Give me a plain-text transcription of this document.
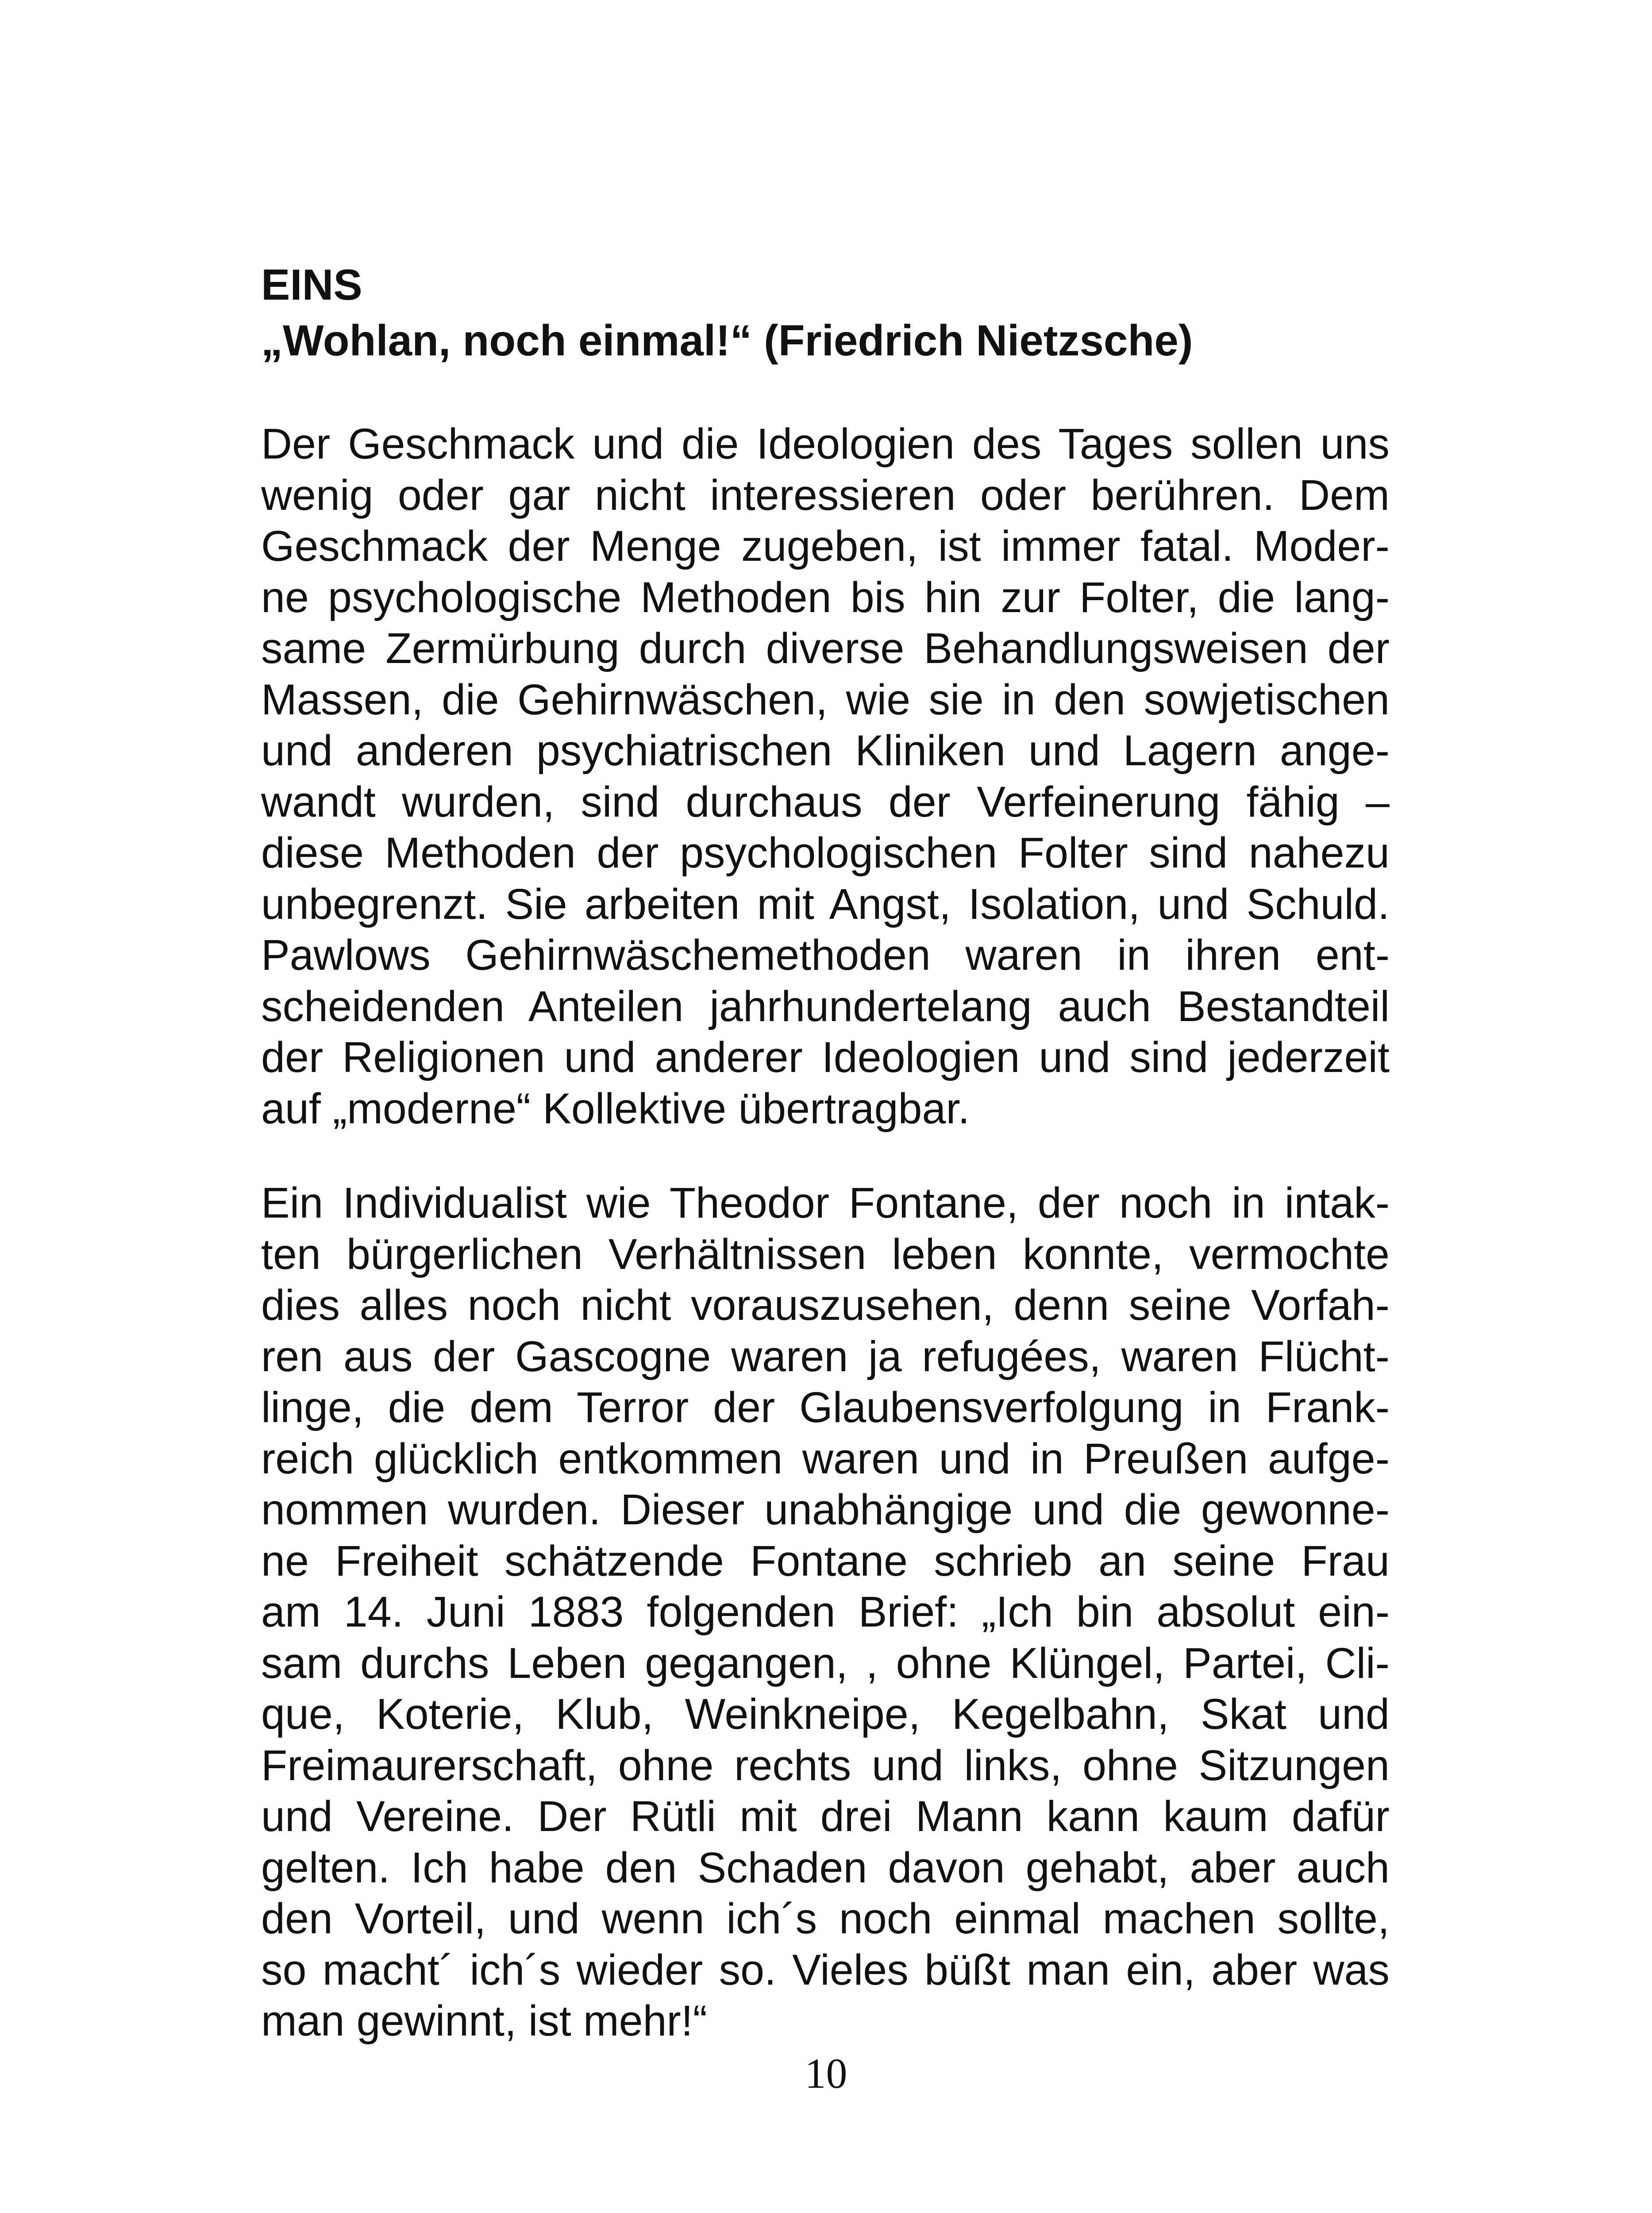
EINS
„Wohlan, noch einmal!“ (Friedrich Nietzsche)
Der Geschmack und die Ideologien des Tages sollen uns
wenig oder gar nicht interessieren oder berühren. Dem
Geschmack der Menge zugeben, ist immer fatal. Moder-
ne psychologische Methoden bis hin zur Folter, die lang-
same Zermürbung durch diverse Behandlungsweisen der
Massen, die Gehirnwäschen, wie sie in den sowjetischen
und anderen psychiatrischen Kliniken und Lagern ange-
wandt wurden, sind durchaus der Verfeinerung fähig –
diese Methoden der psychologischen Folter sind nahezu
unbegrenzt. Sie arbeiten mit Angst, Isolation, und Schuld.
Pawlows Gehirnwäschemethoden waren in ihren ent-
scheidenden Anteilen jahrhundertelang auch Bestandteil
der Religionen und anderer Ideologien und sind jederzeit
auf „moderne“ Kollektive übertragbar.
Ein Individualist wie Theodor Fontane, der noch in intak-
ten bürgerlichen Verhältnissen leben konnte, vermochte
dies alles noch nicht vorauszusehen, denn seine Vorfah-
ren aus der Gascogne waren ja refugées, waren Flücht-
linge, die dem Terror der Glaubensverfolgung in Frank-
reich glücklich entkommen waren und in Preußen aufge-
nommen wurden. Dieser unabhängige und die gewonne-
ne Freiheit schätzende Fontane schrieb an seine Frau
am 14. Juni 1883 folgenden Brief: „Ich bin absolut ein-
sam durchs Leben gegangen, , ohne Klüngel, Partei, Cli-
que, Koterie, Klub, Weinkneipe, Kegelbahn, Skat und
Freimaurerschaft, ohne rechts und links, ohne Sitzungen
und Vereine. Der Rütli mit drei Mann kann kaum dafür
gelten. Ich habe den Schaden davon gehabt, aber auch
den Vorteil, und wenn ich´s noch einmal machen sollte,
so macht´ ich´s wieder so. Vieles büßt man ein, aber was
man gewinnt, ist mehr!“
10
